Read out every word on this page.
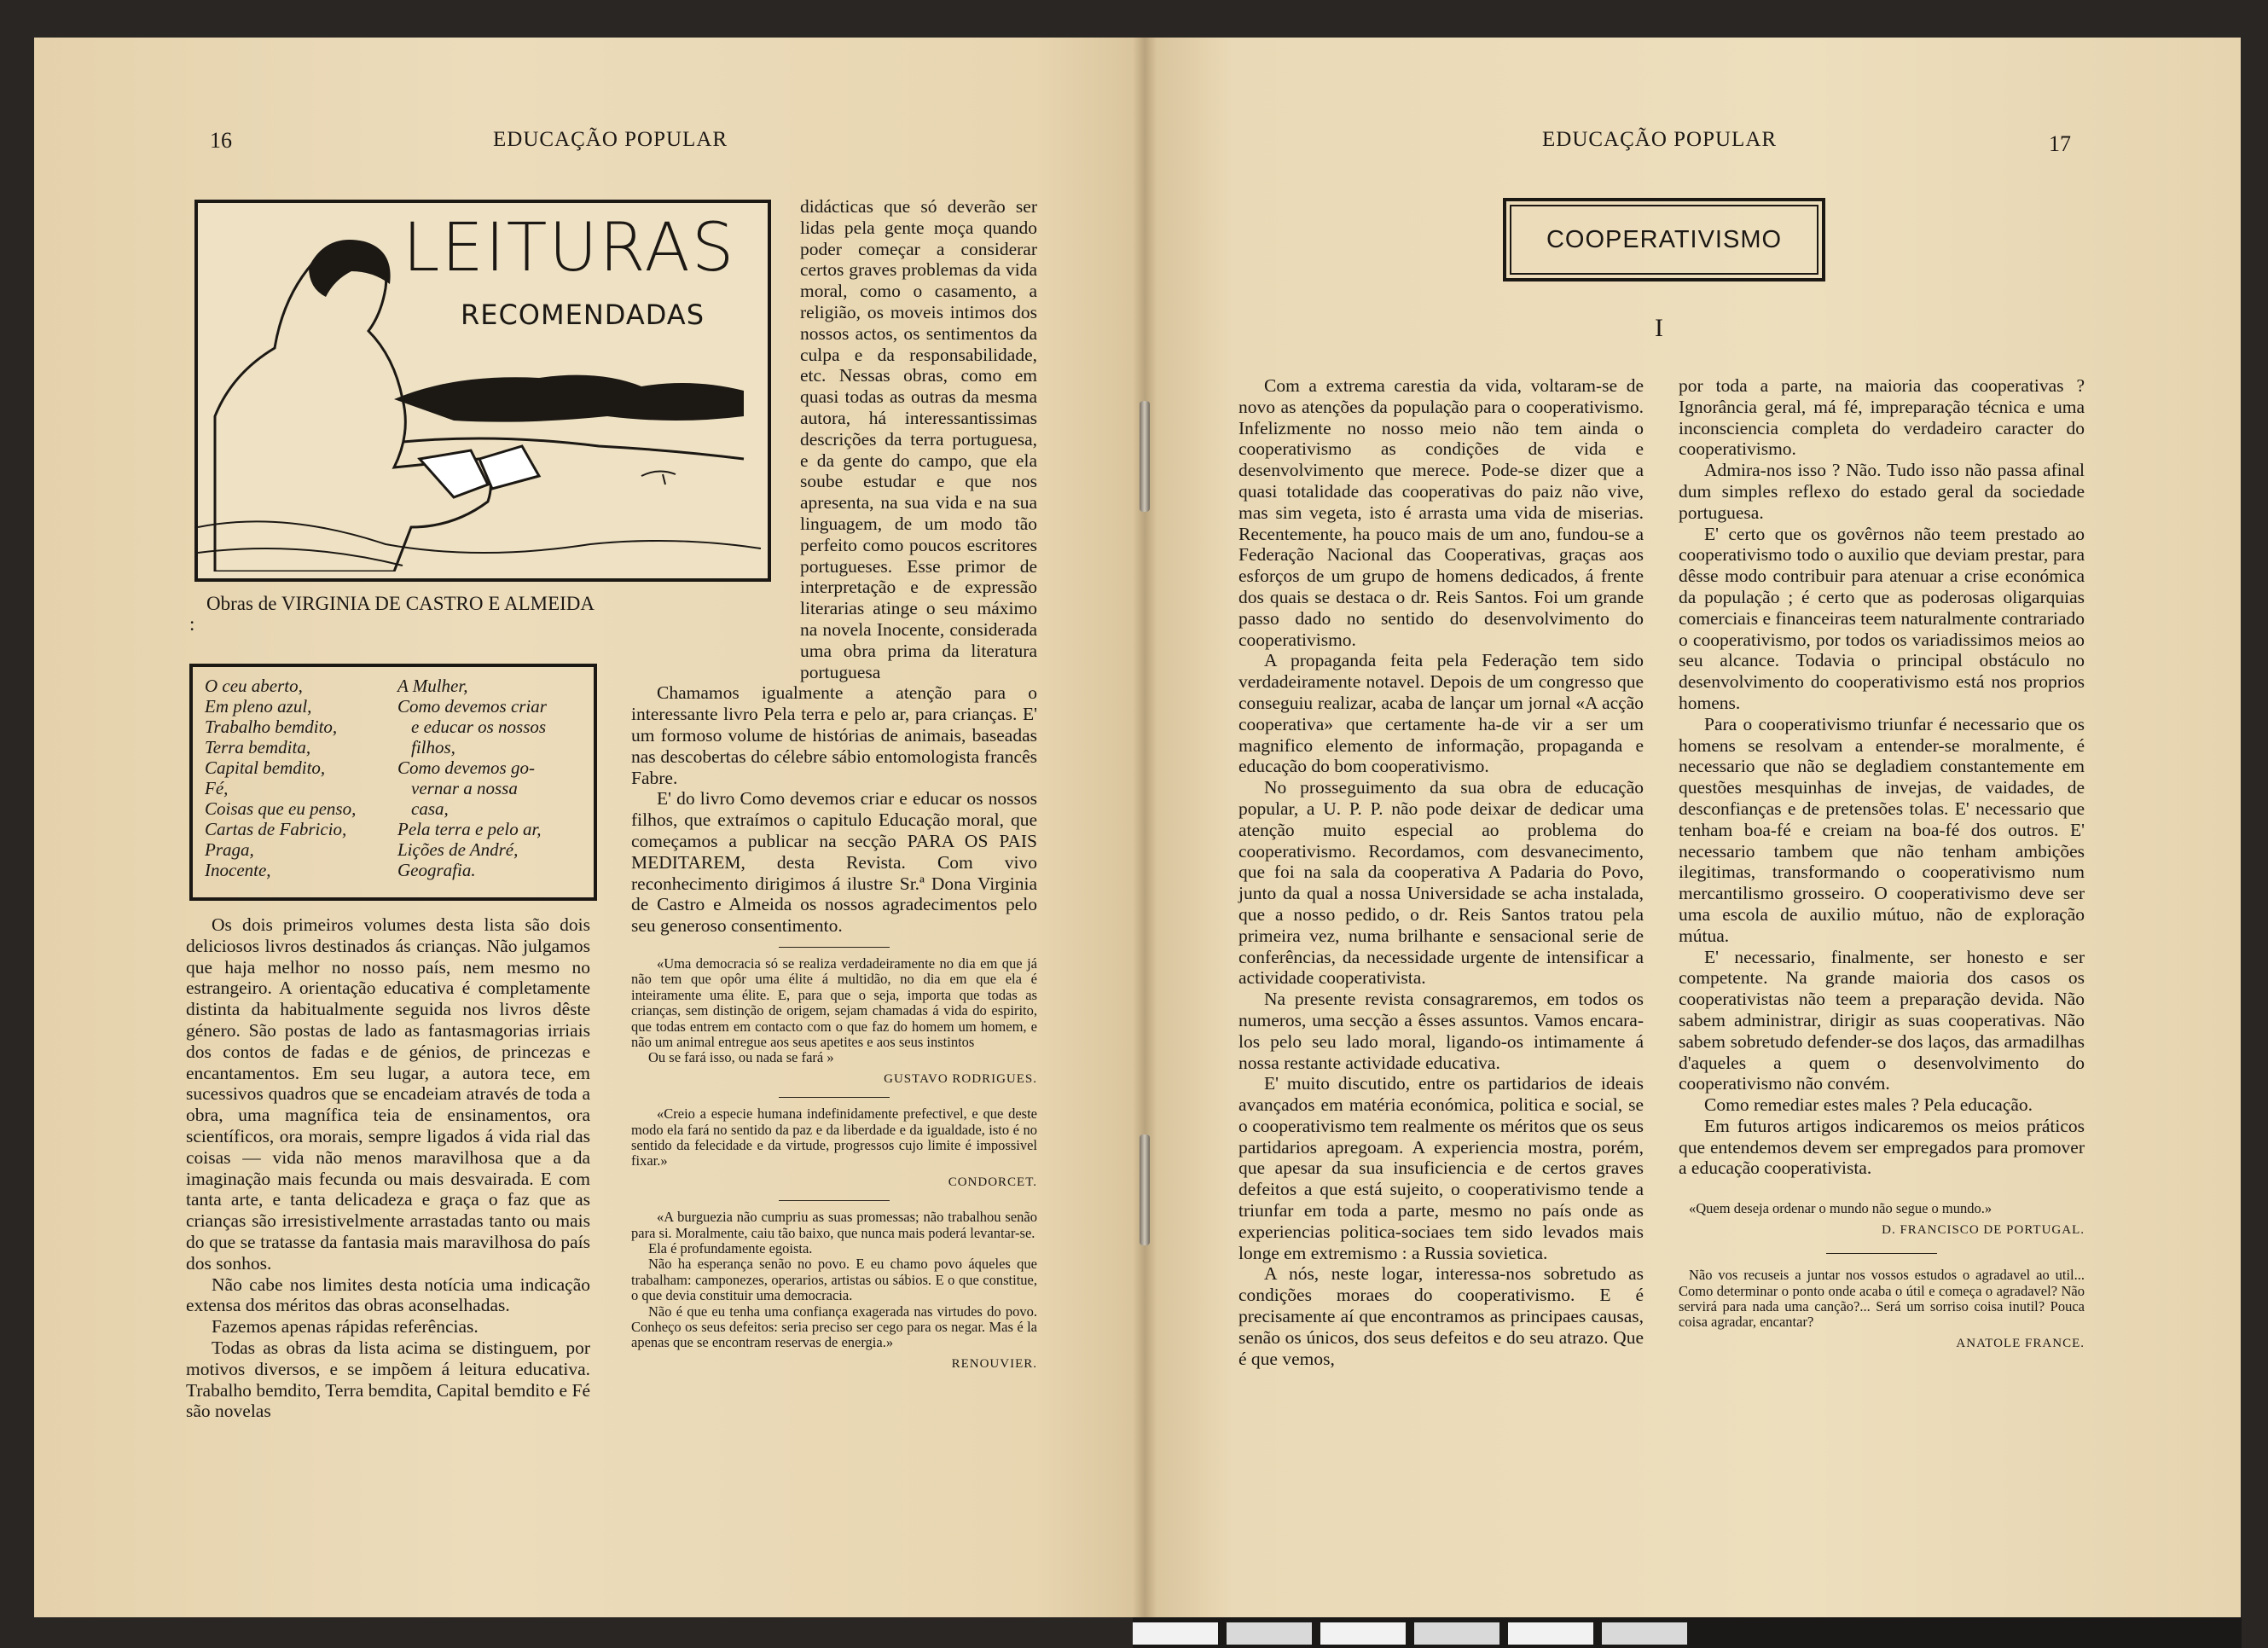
16	EDUCAÇÃO POPULAR
LEITURAS
RECOMENDADAS
Obras de VIRGINIA DE CASTRO E ALMEIDA :
O ceu aberto,
Em pleno azul,
Trabalho bemdito,
Terra bemdita,
Capital bemdito,
Fé,
Coisas que eu penso,
Cartas de Fabricio,
Praga,
Inocente,
A Mulher,
Como devemos criar
e educar os nossos
filhos,
Como devemos go-
vernar a nossa
casa,
Pela terra e pelo ar,
Lições de André,
Geografia.

Os dois primeiros volumes desta lista são dois deliciosos livros destinados ás crianças. Não julgamos que haja melhor no nosso país, nem mesmo no estrangeiro. A orientação educativa é completamente distinta da habitualmente seguida nos livros dêste género. São postas de lado as fantasmagorias irriais dos contos de fadas e de génios, de princezas e encantamentos. Em seu lugar, a autora tece, em sucessivos quadros que se encadeiam através de toda a obra, uma magnífica teia de ensinamentos, ora scientíficos, ora morais, sempre ligados á vida rial das coisas — vida não menos maravilhosa que a da imaginação mais fecunda ou mais desvairada. E com tanta arte, e tanta delicadeza e graça o faz que as crianças são irresistivelmente arrastadas tanto ou mais do que se tratasse da fantasia mais maravilhosa do país dos sonhos.

Não cabe nos limites desta notícia uma indicação extensa dos méritos das obras aconselhadas.

Fazemos apenas rápidas referências.

Todas as obras da lista acima se distinguem, por motivos diversos, e se impõem á leitura educativa. Trabalho bemdito, Terra bemdita, Capital bemdito e Fé são novelas

didácticas que só deverão ser lidas pela gente moça quando poder começar a considerar certos graves problemas da vida moral, como o casamento, a religião, os moveis intimos dos nossos actos, os sentimentos da culpa e da responsabilidade, etc. Nessas obras, como em quasi todas as outras da mesma autora, há interessantissimas descrições da terra portuguesa, e da gente do campo, que ela soube estudar e que nos apresenta, na sua vida e na sua linguagem, de um modo tão perfeito como poucos escritores portugueses. Esse primor de interpretação e de expressão literarias atinge o seu máximo na novela Inocente, considerada uma obra prima da literatura portuguesa

Chamamos igualmente a atenção para o interessante livro Pela terra e pelo ar, para crianças. E' um formoso volume de histórias de animais, baseadas nas descobertas do célebre sábio entomologista francês Fabre.

E' do livro Como devemos criar e educar os nossos filhos, que extraímos o capitulo Educação moral, que começamos a publicar na secção PARA OS PAIS MEDITAREM, desta Revista. Com vivo reconhecimento dirigimos á ilustre Sr.ª Dona Virginia de Castro e Almeida os nossos agradecimentos pelo seu generoso consentimento.

«Uma democracia só se realiza verdadeiramente no dia em que já não tem que opôr uma élite á multidão, no dia em que ela é inteiramente uma élite. E, para que o seja, importa que todas as crianças, sem distinção de origem, sejam chamadas á vida do espirito, que todas entrem em contacto com o que faz do homem um homem, e não um animal entregue aos seus apetites e aos seus instintos

Ou se fará isso, ou nada se fará »

GUSTAVO RODRIGUES.

«Creio a especie humana indefinidamente prefectivel, e que deste modo ela fará no sentido da paz e da liberdade e da igualdade, isto é no sentido da felecidade e da virtude, progressos cujo limite é impossivel fixar.»

CONDORCET.

«A burguezia não cumpriu as suas promessas; não trabalhou senão para si. Moralmente, caiu tão baixo, que nunca mais poderá levantar-se.

Ela é profundamente egoista.

Não ha esperança senão no povo. E eu chamo povo áqueles que trabalham: camponezes, operarios, artistas ou sábios. E o que constitue, o que devia constituir uma democracia.

Não é que eu tenha uma confiança exagerada nas virtudes do povo. Conheço os seus defeitos: seria preciso ser cego para os negar. Mas é la apenas que se encontram reservas de energia.»

RENOUVIER.
EDUCAÇÃO POPULAR	17
COOPERATIVISMO
I

Com a extrema carestia da vida, voltaram-se de novo as atenções da população para o cooperativismo. Infelizmente no nosso meio não tem ainda o cooperativismo as condições de vida e desenvolvimento que merece. Pode-se dizer que a quasi totalidade das cooperativas do paiz não vive, mas sim vegeta, isto é arrasta uma vida de miserias. Recentemente, ha pouco mais de um ano, fundou-se a Federação Nacional das Cooperativas, graças aos esforços de um grupo de homens dedicados, á frente dos quais se destaca o dr. Reis Santos. Foi um grande passo dado no sentido do desenvolvimento do cooperativismo.

A propaganda feita pela Federação tem sido verdadeiramente notavel. Depois de um congresso que conseguiu realizar, acaba de lançar um jornal «A acção cooperativa» que certamente ha-de vir a ser um magnifico elemento de informação, propaganda e educação do bom cooperativismo.

No prosseguimento da sua obra de educação popular, a U. P. P. não pode deixar de dedicar uma atenção muito especial ao problema do cooperativismo. Recordamos, com desvanecimento, que foi na sala da cooperativa A Padaria do Povo, junto da qual a nossa Universidade se acha instalada, que a nosso pedido, o dr. Reis Santos tratou pela primeira vez, numa brilhante e sensacional serie de conferências, da necessidade urgente de intensificar a actividade cooperativista.

Na presente revista consagraremos, em todos os numeros, uma secção a êsses assuntos. Vamos encara-los pelo seu lado moral, ligando-os intimamente á nossa restante actividade educativa.

E' muito discutido, entre os partidarios de ideais avançados em matéria económica, politica e social, se o cooperativismo tem realmente os méritos que os seus partidarios apregoam. A experiencia mostra, porém, que apesar da sua insuficiencia e de certos graves defeitos a que está sujeito, o cooperativismo tende a triunfar em toda a parte, mesmo no país onde as experiencias politica-sociaes tem sido levados mais longe em extremismo : a Russia sovietica.

A nós, neste logar, interessa-nos sobretudo as condições moraes do cooperativismo. E é precisamente aí que encontramos as principaes causas, senão os únicos, dos seus defeitos e do seu atrazo. Que é que vemos,

por toda a parte, na maioria das cooperativas ? Ignorância geral, má fé, impreparação técnica e uma inconsciencia completa do verdadeiro caracter do cooperativismo.

Admira-nos isso ? Não. Tudo isso não passa afinal dum simples reflexo do estado geral da sociedade portuguesa.

E' certo que os govêrnos não teem prestado ao cooperativismo todo o auxilio que deviam prestar, para dêsse modo contribuir para atenuar a crise económica da população ; é certo que as poderosas oligarquias comerciais e financeiras teem naturalmente contrariado o cooperativismo, por todos os variadissimos meios ao seu alcance. Todavia o principal obstáculo no desenvolvimento do cooperativismo está nos proprios homens.

Para o cooperativismo triunfar é necessario que os homens se resolvam a entender-se moralmente, é necessario que não se degladiem constantemente em questões mesquinhas de invejas, de vaidades, de desconfianças e de pretensões tolas. E' necessario que tenham boa-fé e creiam na boa-fé dos outros. E' necessario tambem que não tenham ambições ilegitimas, transformando o cooperativismo num mercantilismo grosseiro. O cooperativismo deve ser uma escola de auxilio mútuo, não de exploração mútua.

E' necessario, finalmente, ser honesto e ser competente. Na grande maioria dos casos os cooperativistas não teem a preparação devida. Não sabem administrar, dirigir as suas cooperativas. Não sabem sobretudo defender-se dos laços, das armadilhas d'aqueles a quem o desenvolvimento do cooperativismo não convém.

Como remediar estes males ? Pela educação.

Em futuros artigos indicaremos os meios práticos que entendemos devem ser empregados para promover a educação cooperativista.

«Quem deseja ordenar o mundo não segue o mundo.»

D. FRANCISCO DE PORTUGAL.

Não vos recuseis a juntar nos vossos estudos o agradavel ao util... Como determinar o ponto onde acaba o útil e começa o agradavel? Não servirá para nada uma canção?... Será um sorriso coisa inutil? Pouca coisa agradar, encantar?

ANATOLE FRANCE.
